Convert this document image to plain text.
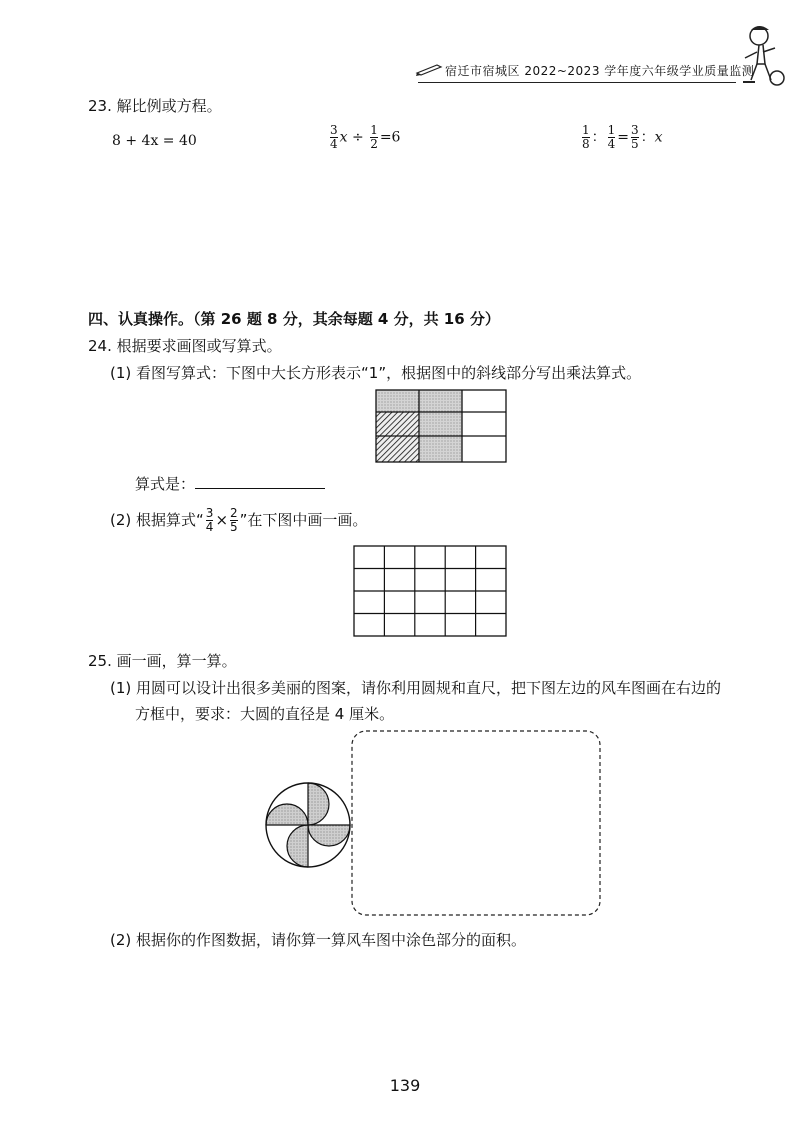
宿迁市宿城区 2022~2023 学年度六年级学业质量监测
23. 解比例或方程。
8 + 4x = 40	$\frac{3}{4}$ $x \div \frac{1}{2} =6$	$\frac{1}{8}$ ： $\frac{1}{4} = \frac{3}{5}$ ：x
四、认真操作。（第 26 题 8 分，其余每题 4 分，共 16 分）
24. 根据要求画图或写算式。
(1) 看图写算式：下图中大长方形表示“1”，根据图中的斜线部分写出乘法算式。
算式是：
(2) 根据算式“ $\frac{3}{4} \times \frac{2}{5}$ ”在下图中画一画。
25. 画一画，算一算。
(1) 用圆可以设计出很多美丽的图案，请你利用圆规和直尺，把下图左边的风车图画在右边的
方框中，要求：大圆的直径是 4 厘米。
(2) 根据你的作图数据，请你算一算风车图中涂色部分的面积。
139
